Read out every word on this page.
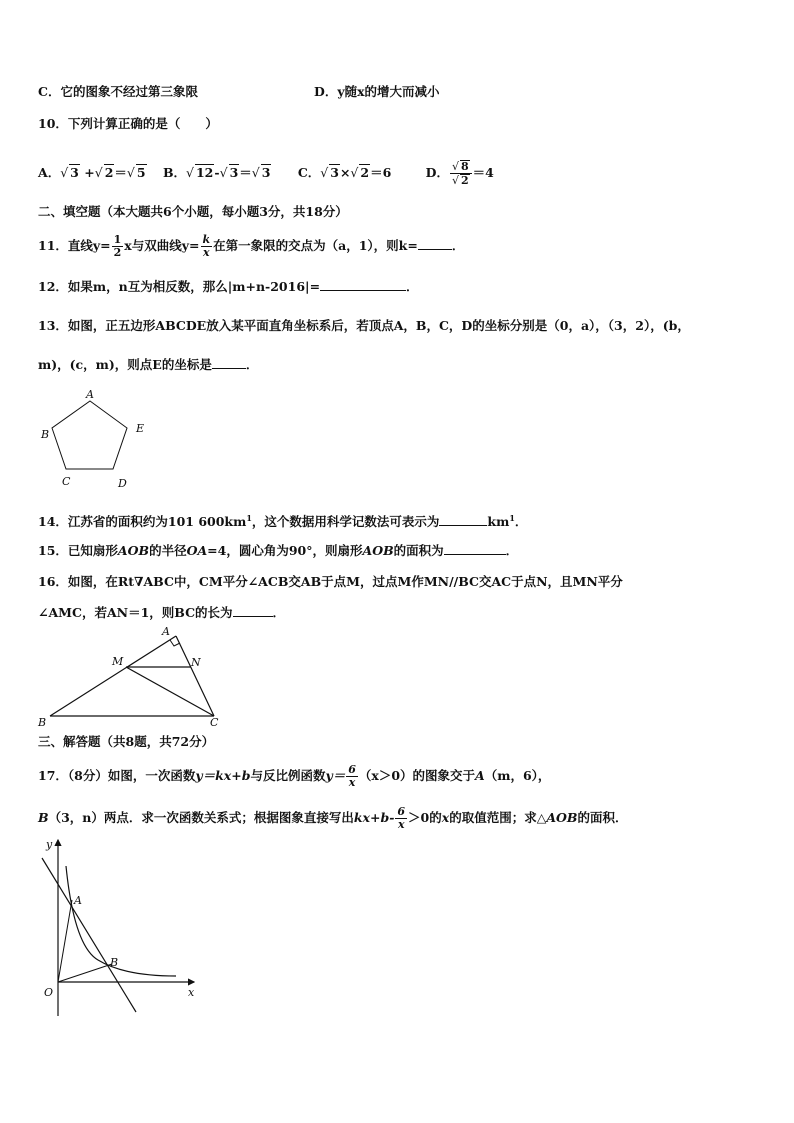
C．它的图象不经过第三象限	D．y随x的增大而减小
10．下列计算正确的是（　　）
A．√ 3 +√ 2＝√ 5 B．√ 12-√ 3＝√ 3 C．√ 3×√ 2＝6	D． $\frac{√ 8}{√ 2} =4$
二、填空题（本大题共6个小题，每小题3分，共18分）
11．直线$y= \frac{1}{2}$ x与双曲线$y= \frac{k}{x}$ 在第一象限的交点为（a，1），则k=	．
12．如果m，n互为相反数，那么|m+n-2016|=	．
13．如图，正五边形ABCDE放入某平面直角坐标系后，若顶点A，B，C，D的坐标分别是（0，a），（3，2），(b，
m)，(c，m)，则点E的坐标是	．
A
B
C	D
E
14．江苏省的面积约为101 $600km^1$，这个数据用科学记数法可表示为	$km^1$．
15．已知扇形AOB的半径OA=4，圆心角为90°，则扇形AOB的面积为	．
16．如图，在Rt∇ABC中，CM平分∠ACB交AB于点M，过点M作MN//BC交AC于点N，且MN平分
∠AMC，若AN＝1，则BC的长为	．
A
M	N
B	C
三、解答题（共8题，共72分）
17．（8分）如图，一次函数y＝kx+b与反比例函数$y= \frac{6}{x} (x>0)$的图象交于A（m，6），
B（3，n）两点．求一次函数关系式；根据图象直接写出$kx+b- \frac{6}{x} >0$的x的取值范围；求△AOB的面积．
y
x
O
A
B
